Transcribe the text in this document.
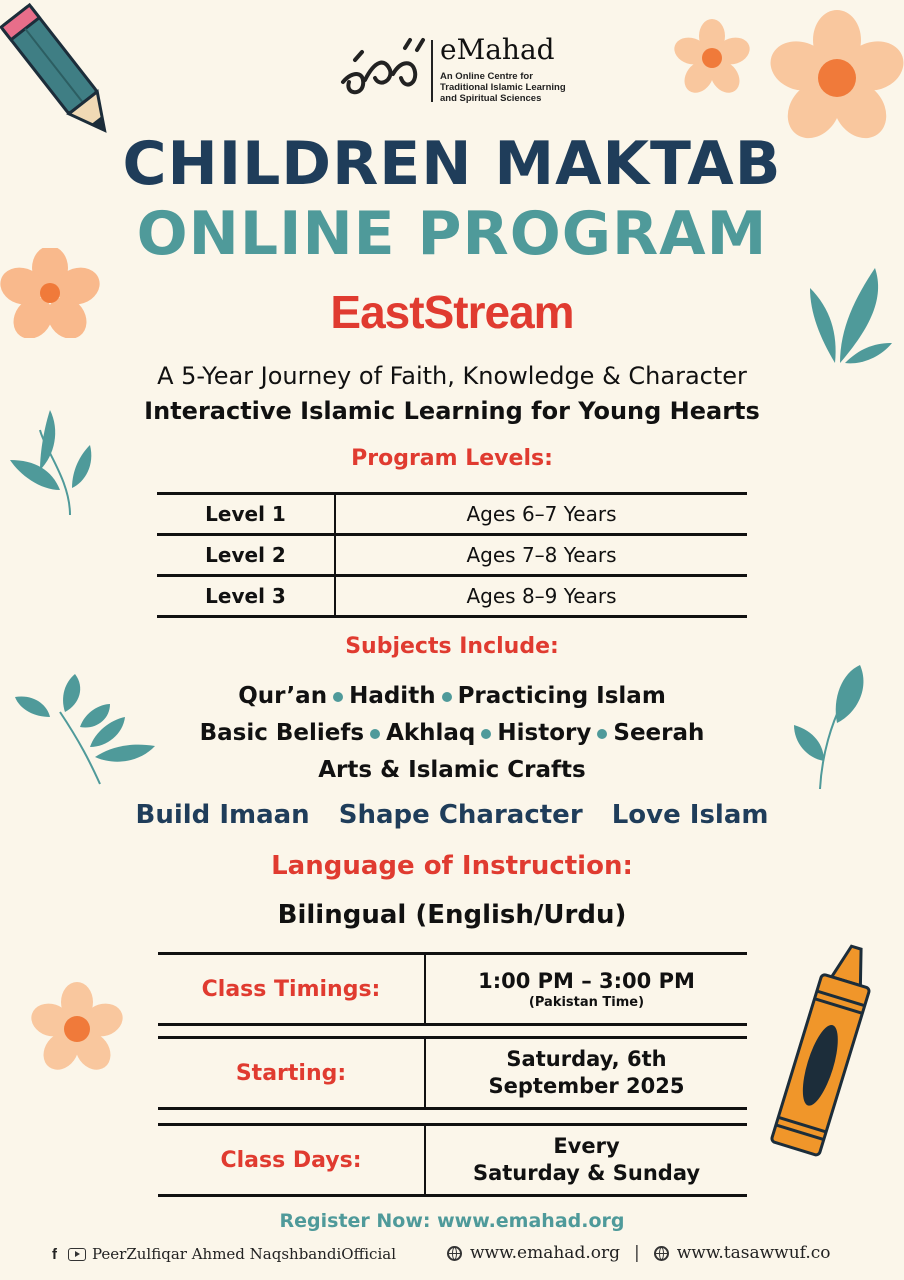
eMahad
An Online Centre for Traditional Islamic Learning and Spiritual Sciences
CHILDREN MAKTAB
ONLINE PROGRAM
EastStream
A 5-Year Journey of Faith, Knowledge & Character
Interactive Islamic Learning for Young Hearts
Program Levels:
Level 1	Ages 6–7 Years
Level 2	Ages 7–8 Years
Level 3	Ages 8–9 Years
Subjects Include:
Qur’an Hadith Practicing Islam
Basic Beliefs Akhlaq History Seerah
Arts & Islamic Crafts
Build Imaan Shape Character Love Islam
Language of Instruction:
Bilingual (English/Urdu)
Class Timings:	1:00 PM – 3:00 PM
(Pakistan Time)
Starting:
Saturday, 6th
September 2025
Class Days:
Every
Saturday & Sunday
Register Now: www.emahad.org
f	PeerZulfiqar Ahmed NaqshbandiOfficial	www.emahad.org | www.tasawwuf.co
